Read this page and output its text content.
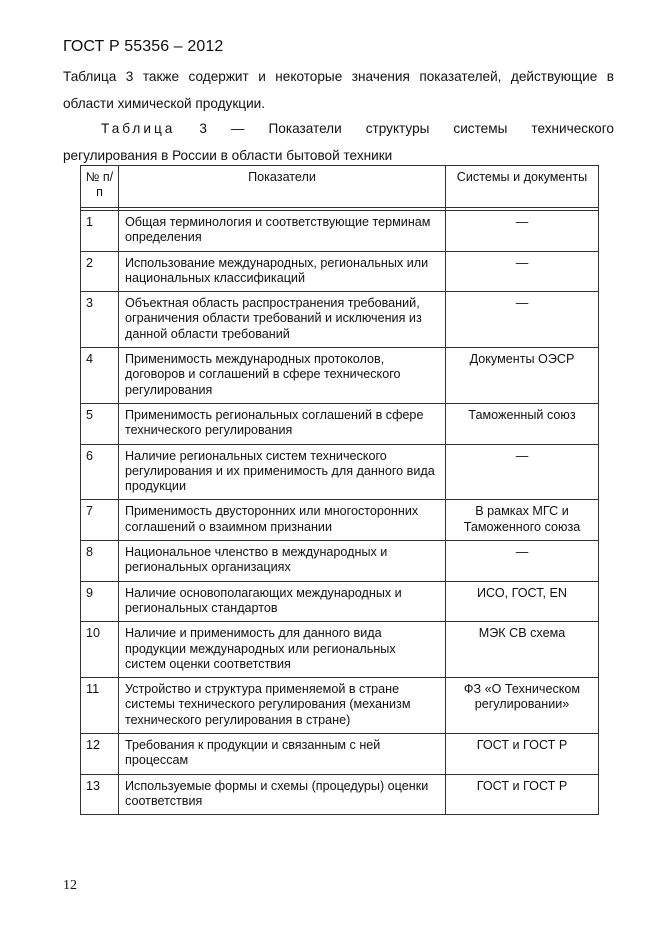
ГОСТ Р 55356 – 2012
Таблица 3 также содержит и некоторые значения показателей, действующие в области химической продукции.
Таблица 3 — Показатели структуры системы технического
регулирования в России в области бытовой техники
№ п/п	Показатели	Системы и документы

1	Общая терминология и соответствующие терминам определения	—
2	Использование международных, региональных или национальных классификаций	—
3	Объектная область распространения требований, ограничения области требований и исключения из данной области требований	—
4	Применимость международных протоколов, договоров и соглашений в сфере технического регулирования	Документы ОЭСР
5	Применимость региональных соглашений в сфере технического регулирования	Таможенный союз
6	Наличие региональных систем технического регулирования и их применимость для данного вида продукции	—
7	Применимость двусторонних или многосторонних соглашений о взаимном признании	В рамках МГС и Таможенного союза
8	Национальное членство в международных и региональных организациях	—
9	Наличие основополагающих международных и региональных стандартов	ИСО, ГОСТ, EN
10	Наличие и применимость для данного вида продукции международных или региональных систем оценки соответствия	МЭК СВ схема
11	Устройство и структура применяемой в стране системы технического регулирования (механизм технического регулирования в стране)	ФЗ «О Техническом регулировании»
12	Требования к продукции и связанным с ней процессам	ГОСТ и ГОСТ Р
13	Используемые формы и схемы (процедуры) оценки соответствия	ГОСТ и ГОСТ Р
12
